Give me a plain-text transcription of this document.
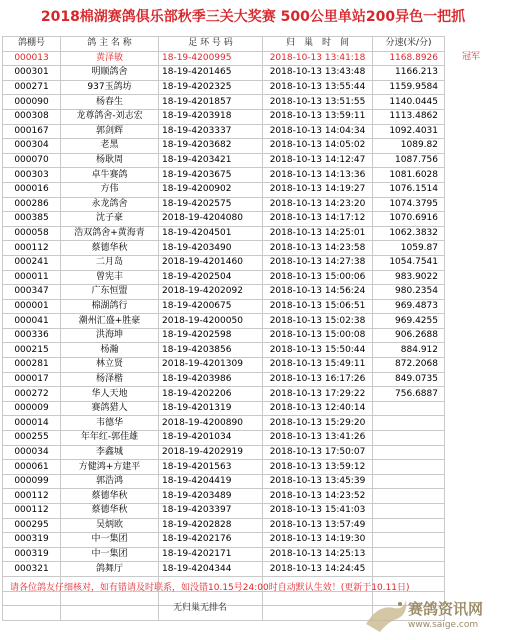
2018棉湖赛鸽俱乐部秋季三关大奖赛 500公里单站200异色一把抓
鸽棚号	鸽 主 名 称	足 环 号 码	归　巢　时　间	分速(米/分)
000013	黄泽敏	18-19-4200995	2018-10-13 13:41:18	1168.8926
000301	明顺鸽舍	18-19-4201465	2018-10-13 13:43:48	1166.213
000271	937玉鸽坊	18-19-4202325	2018-10-13 13:55:44	1159.9584
000090	杨春生	18-19-4201857	2018-10-13 13:51:55	1140.0445
000308	龙尊鸽舍-刘志宏	18-19-4203918	2018-10-13 13:59:11	1113.4862
000167	郭剑辉	18-19-4203337	2018-10-13 14:04:34	1092.4031
000304	老黑	18-19-4203682	2018-10-13 14:05:02	1089.82
000070	杨耿周	18-19-4203421	2018-10-13 14:12:47	1087.756
000303	卓牛赛鸽	18-19-4203675	2018-10-13 14:13:36	1081.6028
000016	方伟	18-19-4200902	2018-10-13 14:19:27	1076.1514
000286	永龙鸽舍	18-19-4202575	2018-10-13 14:23:20	1074.3795
000385	沈子豪	2018-19-4204080	2018-10-13 14:17:12	1070.6916
000058	浩双鸽舍+黄海青	18-19-4204501	2018-10-13 14:25:01	1062.3832
000112	蔡德华秋	18-19-4203490	2018-10-13 14:23:58	1059.87
000241	二月岛	2018-19-4201460	2018-10-13 14:27:38	1054.7541
000011	曾宪丰	18-19-4202504	2018-10-13 15:00:06	983.9022
000347	广东恒盟	2018-19-4202092	2018-10-13 14:56:24	980.2354
000001	棉湖鸽行	18-19-4200675	2018-10-13 15:06:51	969.4873
000041	潮州汇盛+胜豪	2018-19-4200050	2018-10-13 15:02:38	969.4255
000336	洪海坤	18-19-4202598	2018-10-13 15:00:08	906.2688
000215	杨瀚	18-19-4203856	2018-10-13 15:50:44	884.912
000281	林立贤	2018-19-4201309	2018-10-13 15:49:11	872.2068
000017	杨泽楷	18-19-4203986	2018-10-13 16:17:26	849.0735
000272	华人天地	18-19-4202206	2018-10-13 17:29:22	756.6887
000009	赛鸽猎人	18-19-4201319	2018-10-13 12:40:14	
000014	韦德华	2018-19-4200890	2018-10-13 15:29:20	
000255	年年红-郭佳雄	18-19-4201034	2018-10-13 13:41:26	
000034	李鑫城	2018-19-4202919	2018-10-13 17:50:07	
000061	方健鸿+方建平	18-19-4201563	2018-10-13 13:59:12	
000099	郭浩鸿	18-19-4204419	2018-10-13 13:45:39	
000112	蔡德华秋	18-19-4203489	2018-10-13 14:23:52	
000112	蔡德华秋	18-19-4203397	2018-10-13 15:41:03	
000295	吴炳欧	18-19-4202828	2018-10-13 13:57:49	
000319	中一集团	18-19-4202176	2018-10-13 14:19:30	
000319	中一集团	18-19-4202171	2018-10-13 14:25:13	
000321	鸽舞厅	18-19-4204344	2018-10-13 14:24:45	

冠军
请各位鸽友仔细核对，如有错请及时联系，如没错10.15号24:00时自动默认生效！(更新于10.11日)
无归巢无排名	赛鸽资讯网
www.saige.com
